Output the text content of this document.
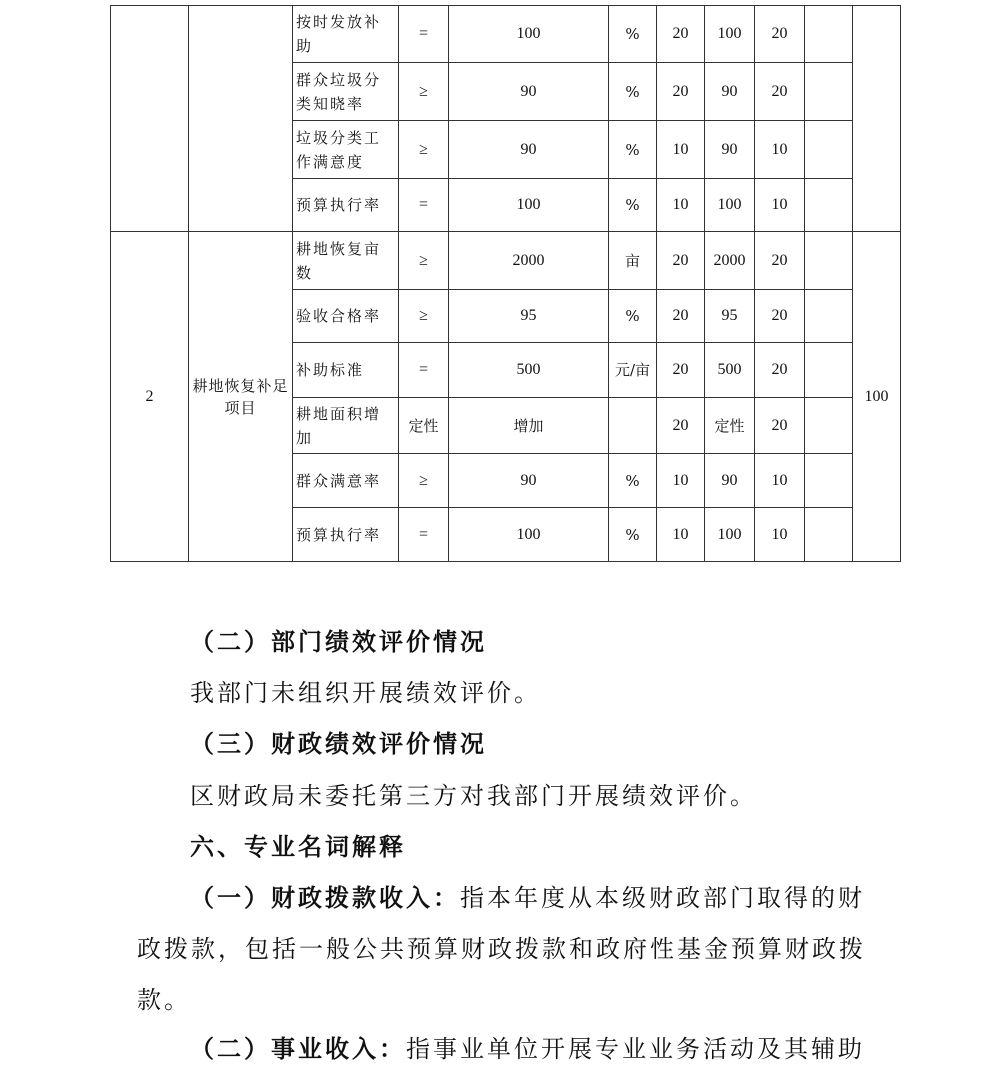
		按时发放补助	=	100	%	20	100	20		
		群众垃圾分类知晓率	≥	90	%	20	90	20		
		垃圾分类工作满意度	≥	90	%	10	90	10		
		预算执行率	=	100	%	10	100	10		
2	耕地恢复补足项目	耕地恢复亩数	≥	2000	亩	20	2000	20		100
		验收合格率	≥	95	%	20	95	20		
		补助标准	=	500	元/亩	20	500	20		
		耕地面积增加	定性	增加		20	定性	20		
		群众满意率	≥	90	%	10	90	10		
		预算执行率	=	100	%	10	100	10		

（二）部门绩效评价情况

我部门未组织开展绩效评价。

（三）财政绩效评价情况

区财政局未委托第三方对我部门开展绩效评价。

六、专业名词解释

（一）财政拨款收入：指本年度从本级财政部门取得的财

政拨款，包括一般公共预算财政拨款和政府性基金预算财政拨

款。

（二）事业收入：指事业单位开展专业业务活动及其辅助
